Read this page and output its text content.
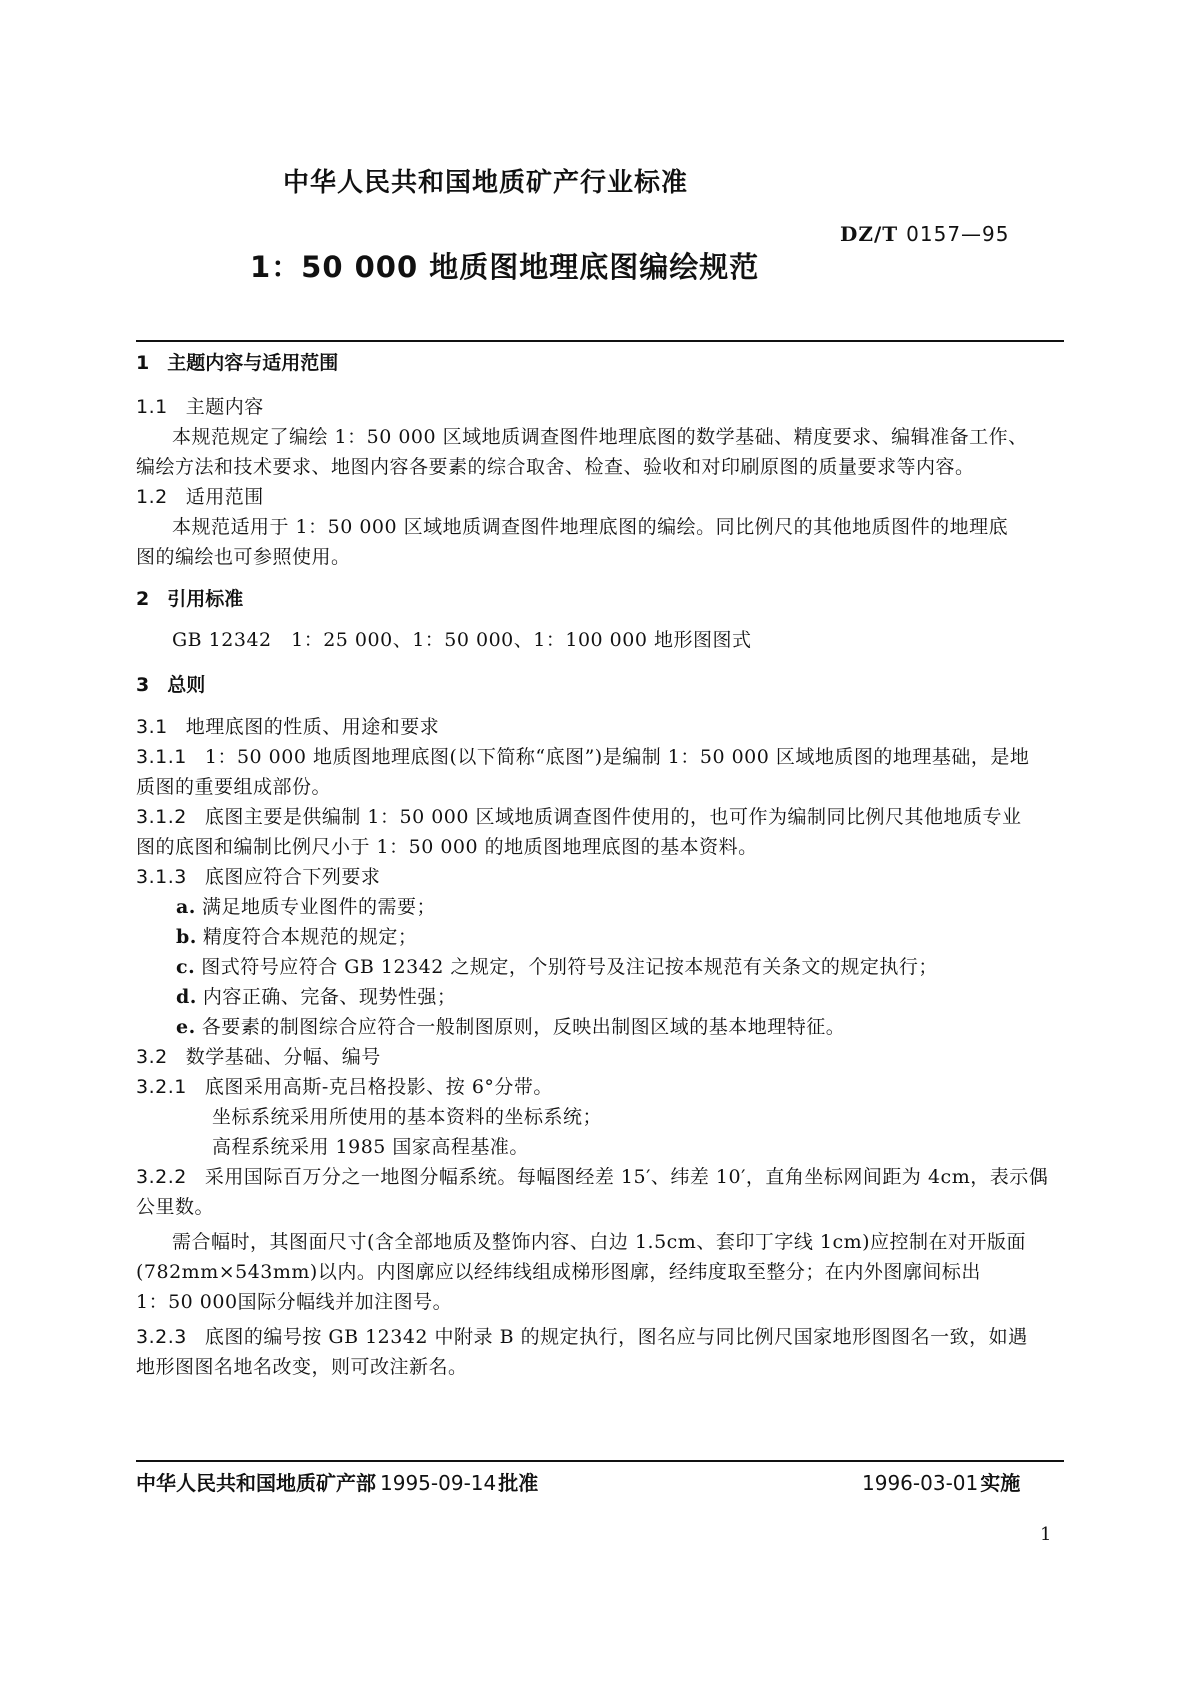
中华人民共和国地质矿产行业标准
DZ/T 0157—95
1：50 000 地质图地理底图编绘规范
1 主题内容与适用范围
1.1 主题内容
本规范规定了编绘 1：50 000 区域地质调查图件地理底图的数学基础、精度要求、编辑准备工作、
编绘方法和技术要求、地图内容各要素的综合取舍、检查、验收和对印刷原图的质量要求等内容。
1.2 适用范围
本规范适用于 1：50 000 区域地质调查图件地理底图的编绘。同比例尺的其他地质图件的地理底
图的编绘也可参照使用。
2 引用标准
GB 12342　1：25 000、1：50 000、1：100 000 地形图图式
3 总则
3.1 地理底图的性质、用途和要求
3.1.1 1：50 000 地质图地理底图(以下简称“底图”)是编制 1：50 000 区域地质图的地理基础，是地
质图的重要组成部份。
3.1.2 底图主要是供编制 1：50 000 区域地质调查图件使用的，也可作为编制同比例尺其他地质专业
图的底图和编制比例尺小于 1：50 000 的地质图地理底图的基本资料。
3.1.3 底图应符合下列要求
a. 满足地质专业图件的需要；
b. 精度符合本规范的规定；
c. 图式符号应符合 GB 12342 之规定，个别符号及注记按本规范有关条文的规定执行；
d. 内容正确、完备、现势性强；
e. 各要素的制图综合应符合一般制图原则，反映出制图区域的基本地理特征。
3.2 数学基础、分幅、编号
3.2.1 底图采用高斯-克吕格投影、按 6°分带。
坐标系统采用所使用的基本资料的坐标系统；
高程系统采用 1985 国家高程基准。
3.2.2 采用国际百万分之一地图分幅系统。每幅图经差 15′、纬差 10′，直角坐标网间距为 4cm，表示偶
公里数。
需合幅时，其图面尺寸(含全部地质及整饰内容、白边 1.5cm、套印丁字线 1cm)应控制在对开版面
(782mm×543mm)以内。内图廓应以经纬线组成梯形图廓，经纬度取至整分；在内外图廓间标出
1：50 000国际分幅线并加注图号。
3.2.3 底图的编号按 GB 12342 中附录 B 的规定执行，图名应与同比例尺国家地形图图名一致，如遇
地形图图名地名改变，则可改注新名。
中华人民共和国地质矿产部 1995-09-14 批准	1996-03-01 实施
1
